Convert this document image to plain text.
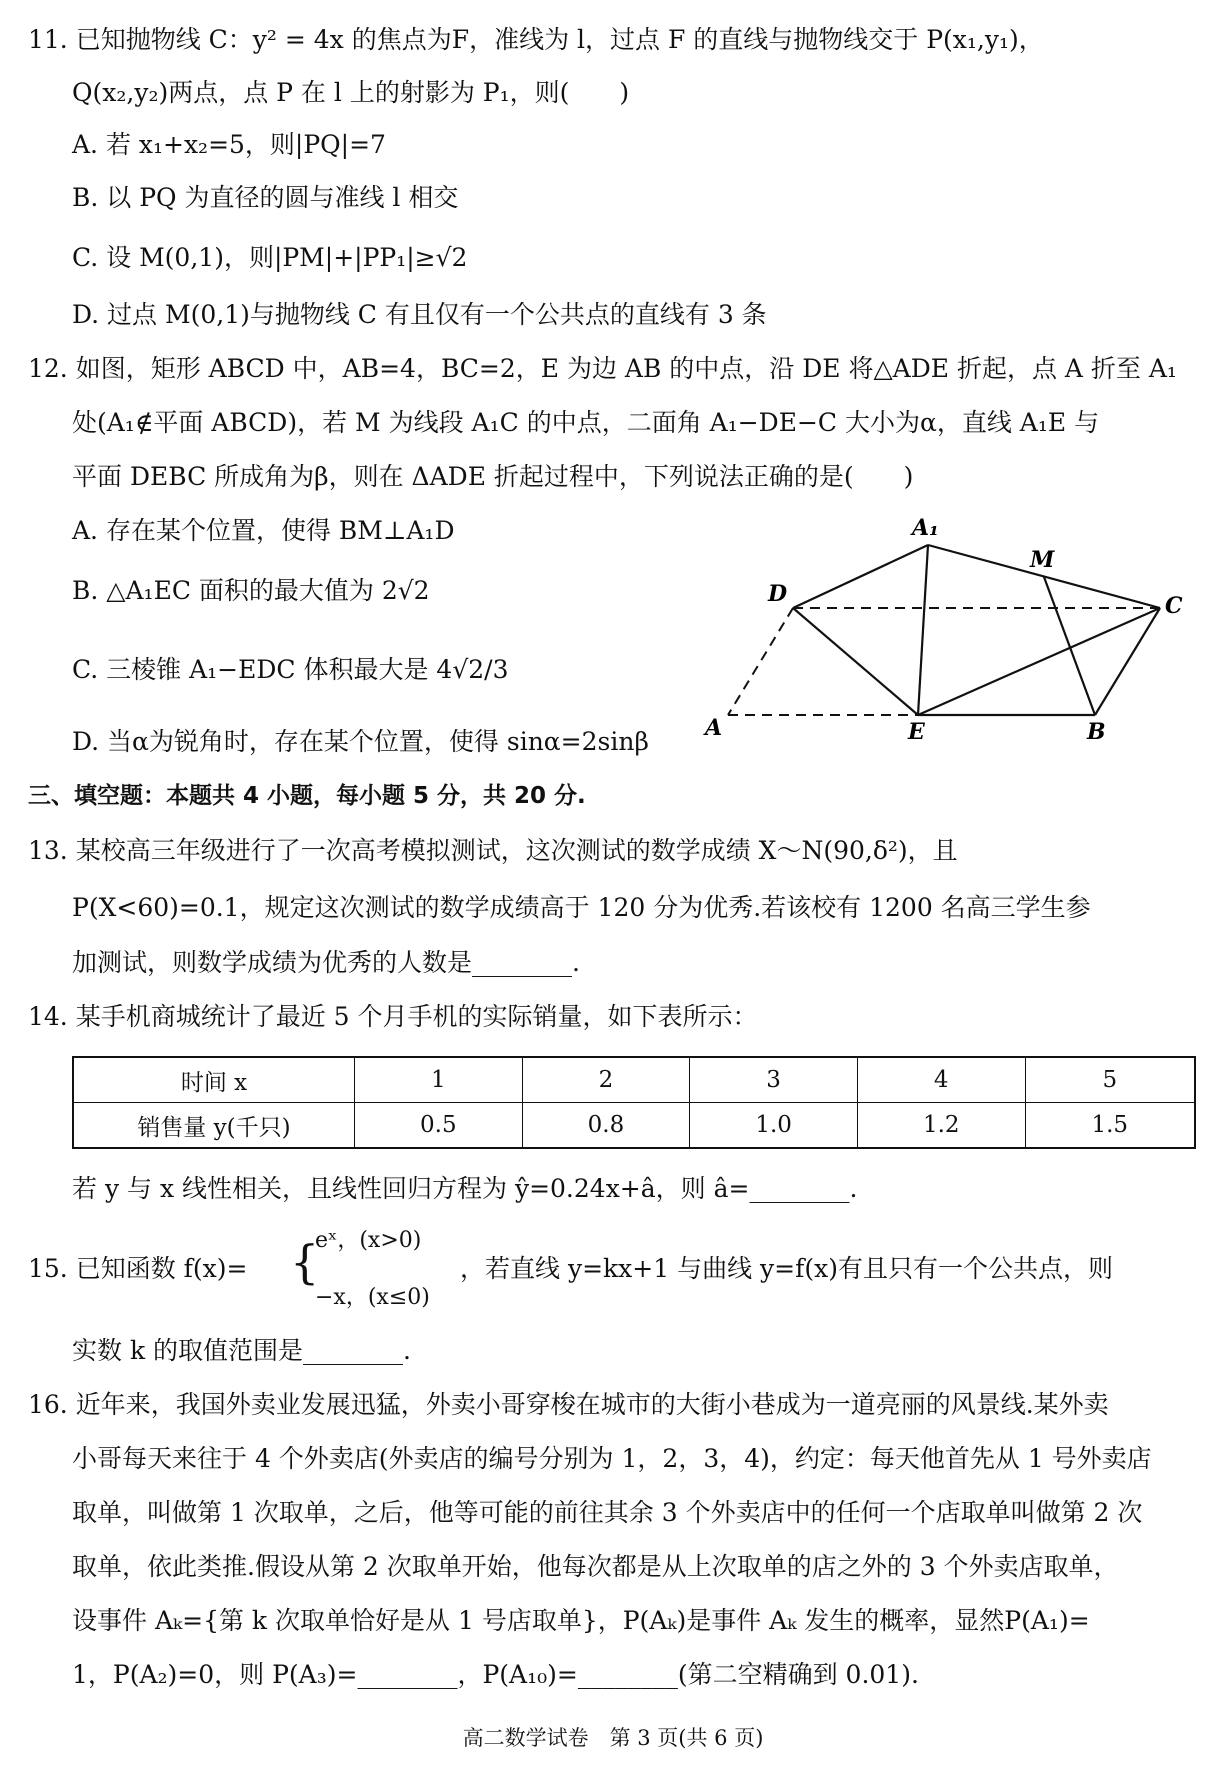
11. 已知抛物线 C：y² = 4x 的焦点为F，准线为 l，过点 F 的直线与抛物线交于 P(x₁,y₁)，
Q(x₂,y₂)两点，点 P 在 l 上的射影为 P₁，则(　　)
A. 若 x₁+x₂=5，则|PQ|=7
B. 以 PQ 为直径的圆与准线 l 相交
C. 设 M(0,1)，则|PM|+|PP₁|≥√2
D. 过点 M(0,1)与抛物线 C 有且仅有一个公共点的直线有 3 条
12. 如图，矩形 ABCD 中，AB=4，BC=2，E 为边 AB 的中点，沿 DE 将△ADE 折起，点 A 折至 A₁
处(A₁∉平面 ABCD)，若 M 为线段 A₁C 的中点，二面角 A₁−DE−C 大小为α，直线 A₁E 与
平面 DEBC 所成角为β，则在 ΔADE 折起过程中，下列说法正确的是(　　)
A. 存在某个位置，使得 BM⊥A₁D
B. △A₁EC 面积的最大值为 2√2
C. 三棱锥 A₁−EDC 体积最大是 4√2/3
D. 当α为锐角时，存在某个位置，使得 sinα=2sinβ
A₁
M
D	C
A	E	B
三、填空题：本题共 4 小题，每小题 5 分，共 20 分.
13. 某校高三年级进行了一次高考模拟测试，这次测试的数学成绩 X～N(90,δ²)，且
P(X<60)=0.1，规定这次测试的数学成绩高于 120 分为优秀.若该校有 1200 名高三学生参
加测试，则数学成绩为优秀的人数是________.
14. 某手机商城统计了最近 5 个月手机的实际销量，如下表所示：
时间 x	1	2	3	4	5
销售量 y(千只)	0.5	0.8	1.0	1.2	1.5
若 y 与 x 线性相关，且线性回归方程为 ŷ=0.24x+â，则 â=________.
15. 已知函数 f(x)= {
eˣ，(x>0)
−x，(x≤0)
，若直线 y=kx+1 与曲线 y=f(x)有且只有一个公共点，则
实数 k 的取值范围是________.
16. 近年来，我国外卖业发展迅猛，外卖小哥穿梭在城市的大街小巷成为一道亮丽的风景线.某外卖
小哥每天来往于 4 个外卖店(外卖店的编号分别为 1，2，3，4)，约定：每天他首先从 1 号外卖店
取单，叫做第 1 次取单，之后，他等可能的前往其余 3 个外卖店中的任何一个店取单叫做第 2 次
取单，依此类推.假设从第 2 次取单开始，他每次都是从上次取单的店之外的 3 个外卖店取单，
设事件 Aₖ={第 k 次取单恰好是从 1 号店取单}，P(Aₖ)是事件 Aₖ 发生的概率，显然P(A₁)=
1，P(A₂)=0，则 P(A₃)=________，P(A₁₀)=________(第二空精确到 0.01).
高二数学试卷　第 3 页(共 6 页)
